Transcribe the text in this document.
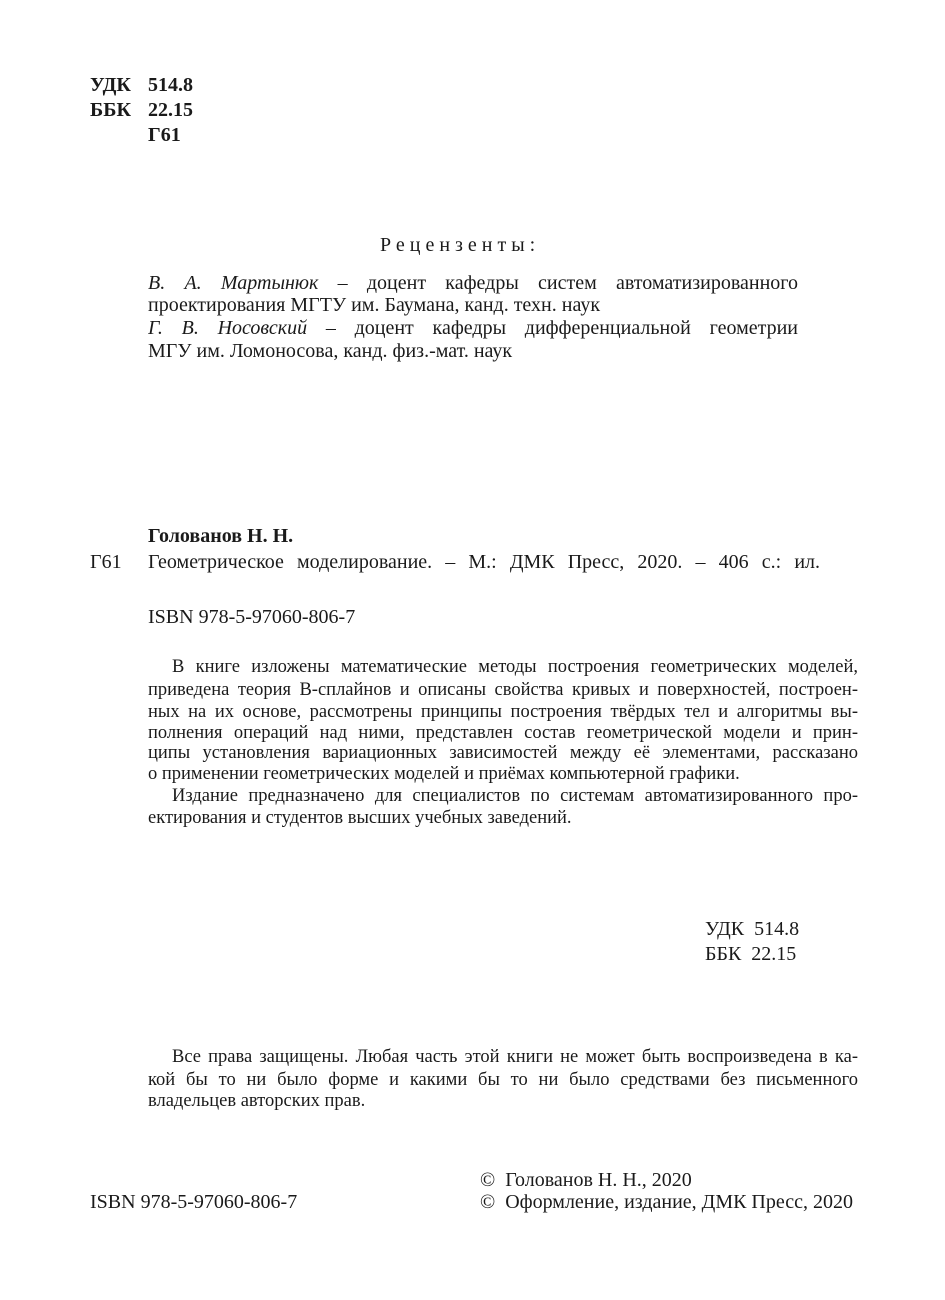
УДК 514.8
ББК 22.15
Г61
Рецензенты:
В. А. Мартынюк – доцент кафедры систем автоматизированного
проектирования МГТУ им. Баумана, канд. техн. наук
Г. В. Носовский – доцент кафедры дифференциальной геометрии
МГУ им. Ломоносова, канд. физ.-мат. наук
Голованов Н. Н.
Г61 Геометрическое моделирование. – М.: ДМК Пресс, 2020. – 406 с.: ил.
ISBN 978-5-97060-806-7
В книге изложены математические методы построения геометрических моделей,
приведена теория B-сплайнов и описаны свойства кривых и поверхностей, построен-
ных на их основе, рассмотрены принципы построения твёрдых тел и алгоритмы вы-
полнения операций над ними, представлен состав геометрической модели и прин-
ципы установления вариационных зависимостей между её элементами, рассказано
о применении геометрических моделей и приёмах компьютерной графики.
Издание предназначено для специалистов по системам автоматизированного про-
ектирования и студентов высших учебных заведений.
УДК  514.8
ББК  22.15
Все права защищены. Любая часть этой книги не может быть воспроизведена в ка-
кой бы то ни было форме и какими бы то ни было средствами без письменного
владельцев авторских прав.
©  Голованов Н. Н., 2020
ISBN 978-5-97060-806-7	©  Оформление, издание, ДМК Пресс, 2020
